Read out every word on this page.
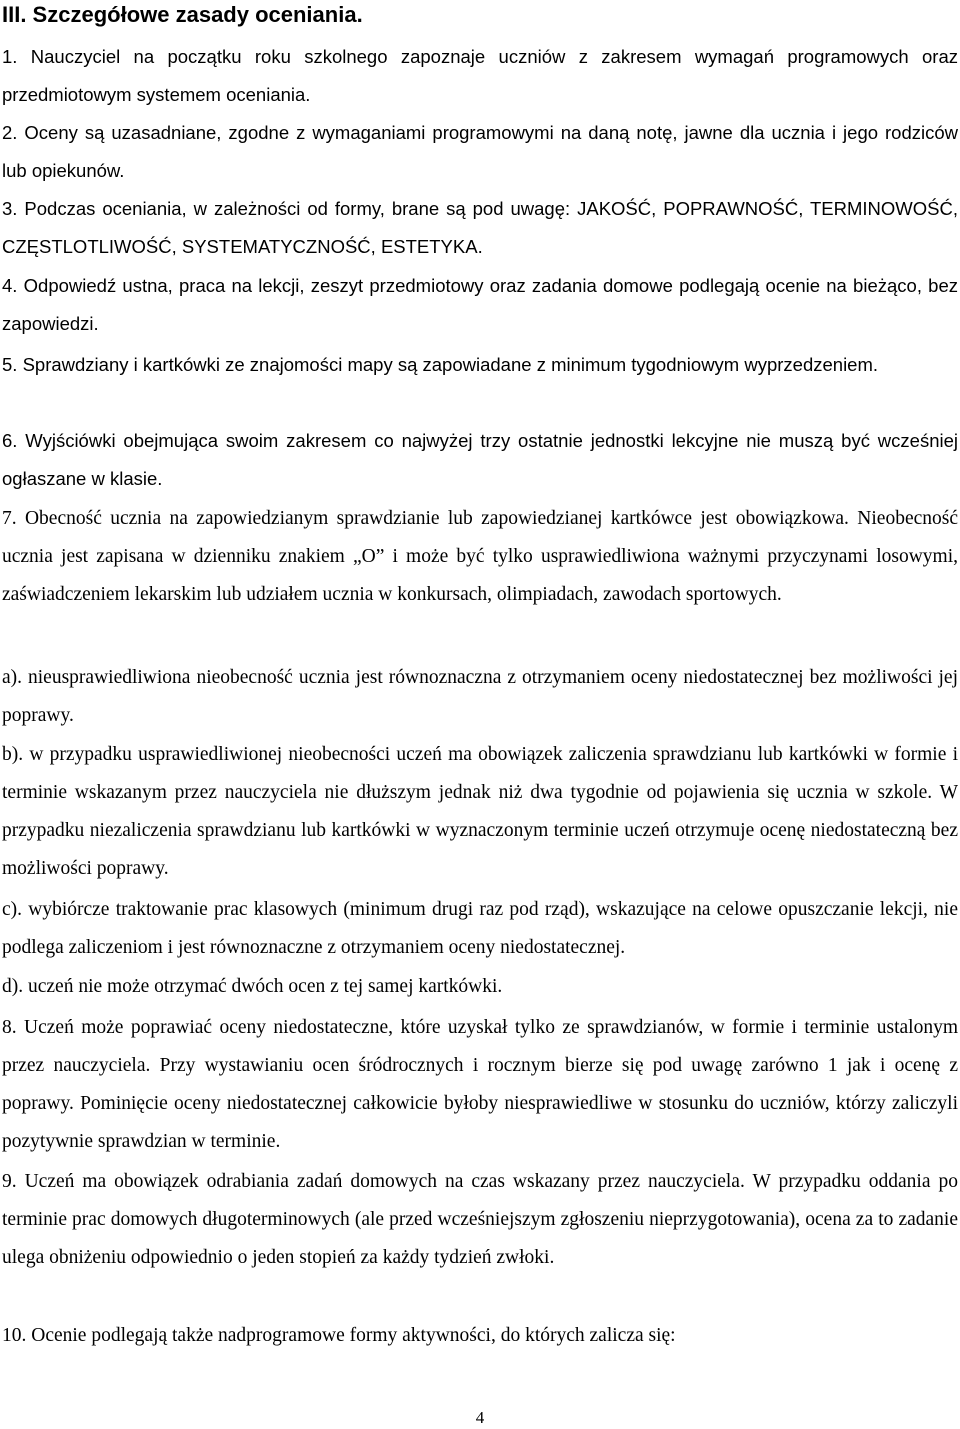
III. Szczegółowe zasady oceniania.

1. Nauczyciel na początku roku szkolnego zapoznaje uczniów z zakresem wymagań programowych oraz przedmiotowym systemem oceniania.

2. Oceny są uzasadniane, zgodne z wymaganiami programowymi na daną notę, jawne dla ucznia i jego rodziców lub opiekunów.

3. Podczas oceniania, w zależności od formy, brane są pod uwagę: JAKOŚĆ, POPRAWNOŚĆ, TERMINOWOŚĆ, CZĘSTLOTLIWOŚĆ, SYSTEMATYCZNOŚĆ, ESTETYKA.

4. Odpowiedź ustna, praca na lekcji, zeszyt przedmiotowy oraz zadania domowe podlegają ocenie na bieżąco, bez zapowiedzi.

5. Sprawdziany i kartkówki ze znajomości mapy są zapowiadane z minimum tygodniowym wyprzedzeniem.

6. Wyjściówki obejmująca swoim zakresem co najwyżej trzy ostatnie jednostki lekcyjne nie muszą być wcześniej ogłaszane w klasie.

7. Obecność ucznia na zapowiedzianym sprawdzianie lub zapowiedzianej kartkówce jest obowiązkowa. Nieobecność ucznia jest zapisana w dzienniku znakiem „O” i może być tylko usprawiedliwiona ważnymi przyczynami losowymi, zaświadczeniem lekarskim lub udziałem ucznia w konkursach, olimpiadach, zawodach sportowych.

a). nieusprawiedliwiona nieobecność ucznia jest równoznaczna z otrzymaniem oceny niedostatecznej bez możliwości jej poprawy.

b). w przypadku usprawiedliwionej nieobecności uczeń ma obowiązek zaliczenia sprawdzianu lub kartkówki w formie i terminie wskazanym przez nauczyciela nie dłuższym jednak niż dwa tygodnie od pojawienia się ucznia w szkole. W przypadku niezaliczenia sprawdzianu lub kartkówki w wyznaczonym terminie uczeń otrzymuje ocenę niedostateczną bez możliwości poprawy.

c). wybiórcze traktowanie prac klasowych (minimum drugi raz pod rząd), wskazujące na celowe opuszczanie lekcji, nie podlega zaliczeniom i jest równoznaczne z otrzymaniem oceny niedostatecznej.

d). uczeń nie może otrzymać dwóch ocen z tej samej kartkówki.

8. Uczeń może poprawiać oceny niedostateczne, które uzyskał tylko ze sprawdzianów, w formie i terminie ustalonym przez nauczyciela. Przy wystawianiu ocen śródrocznych i rocznym bierze się pod uwagę zarówno 1 jak i ocenę z poprawy. Pominięcie oceny niedostatecznej całkowicie byłoby niesprawiedliwe w stosunku do uczniów, którzy zaliczyli pozytywnie sprawdzian w terminie.

9. Uczeń ma obowiązek odrabiania zadań domowych na czas wskazany przez nauczyciela. W przypadku oddania po terminie prac domowych długoterminowych (ale przed wcześniejszym zgłoszeniu nieprzygotowania), ocena za to zadanie ulega obniżeniu odpowiednio o jeden stopień za każdy tydzień zwłoki.

10. Ocenie podlegają także nadprogramowe formy aktywności, do których zalicza się:

4
